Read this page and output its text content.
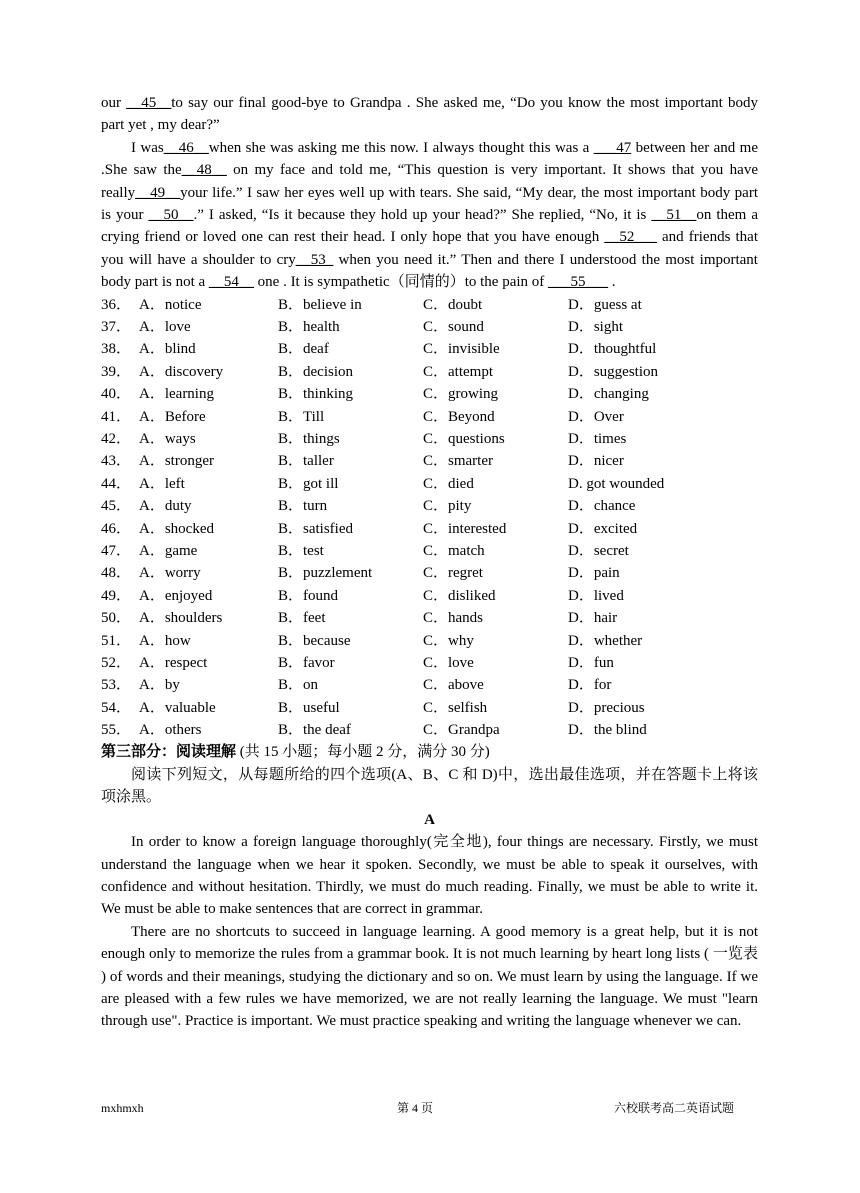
our __45__to say our final good-bye to Grandpa . She asked me, “Do you know the most important body part yet , my dear?”

I was__46__when she was asking me this now. I always thought this was a ___47 between her and me .She saw the__48__ on my face and told me, “This question is very important. It shows that you have really__49__your life.” I saw her eyes well up with tears. She said, “My dear, the most important body part is your __50__.” I asked, “Is it because they hold up your head?” She replied, “No, it is __51__on them a crying friend or loved one can rest their head. I only hope that you have enough __52___ and friends that you will have a shoulder to cry__53_ when you need it.” Then and there I understood the most important body part is not a __54__ one . It is sympathetic（同情的）to the pain of ___55___ .

36． A．notice	B．believe in	C．doubt	D．guess at
37． A．love	B．health	C．sound	D．sight
38． A．blind	B．deaf	C．invisible	D．thoughtful
39． A．discovery	B．decision	C．attempt	D．suggestion
40． A．learning	B．thinking	C．growing	D．changing
41． A．Before	B．Till	C．Beyond	D．Over
42． A．ways	B．things	C．questions	D．times
43． A．stronger	B．taller	C．smarter	D．nicer
44． A．left	B．got ill	C．died	D. got wounded
45． A．duty	B．turn	C．pity	D．chance
46． A．shocked	B．satisfied	C．interested	D．excited
47． A．game	B．test	C．match	D．secret
48． A．worry	B．puzzlement	C．regret	D．pain
49． A．enjoyed	B．found	C．disliked	D．lived
50． A．shoulders	B．feet	C．hands	D．hair
51． A．how	B．because	C．why	D．whether
52． A．respect	B．favor	C．love	D．fun
53． A．by	B．on	C．above	D．for
54． A．valuable	B．useful	C．selfish	D．precious
55． A．others	B．the deaf	C．Grandpa	D．the blind

第三部分：阅读理解 (共 15 小题；每小题 2 分，满分 30 分)

阅读下列短文，从每题所给的四个选项(A、B、C 和 D)中，选出最佳选项，并在答题卡上将该项涂黑。

A

In order to know a foreign language thoroughly(完全地), four things are necessary. Firstly, we must understand the language when we hear it spoken. Secondly, we must be able to speak it ourselves, with confidence and without hesitation. Thirdly, we must do much reading. Finally, we must be able to write it. We must be able to make sentences that are correct in grammar.

There are no shortcuts to succeed in language learning. A good memory is a great help, but it is not enough only to memorize the rules from a grammar book. It is not much learning by heart long lists ( 一览表 ) of words and their meanings, studying the dictionary and so on. We must learn by using the language. If we are pleased with a few rules we have memorized, we are not really learning the language. We must "learn through use". Practice is important. We must practice speaking and writing the language whenever we can.

mxhmxh	第 4 页	六校联考高二英语试题
